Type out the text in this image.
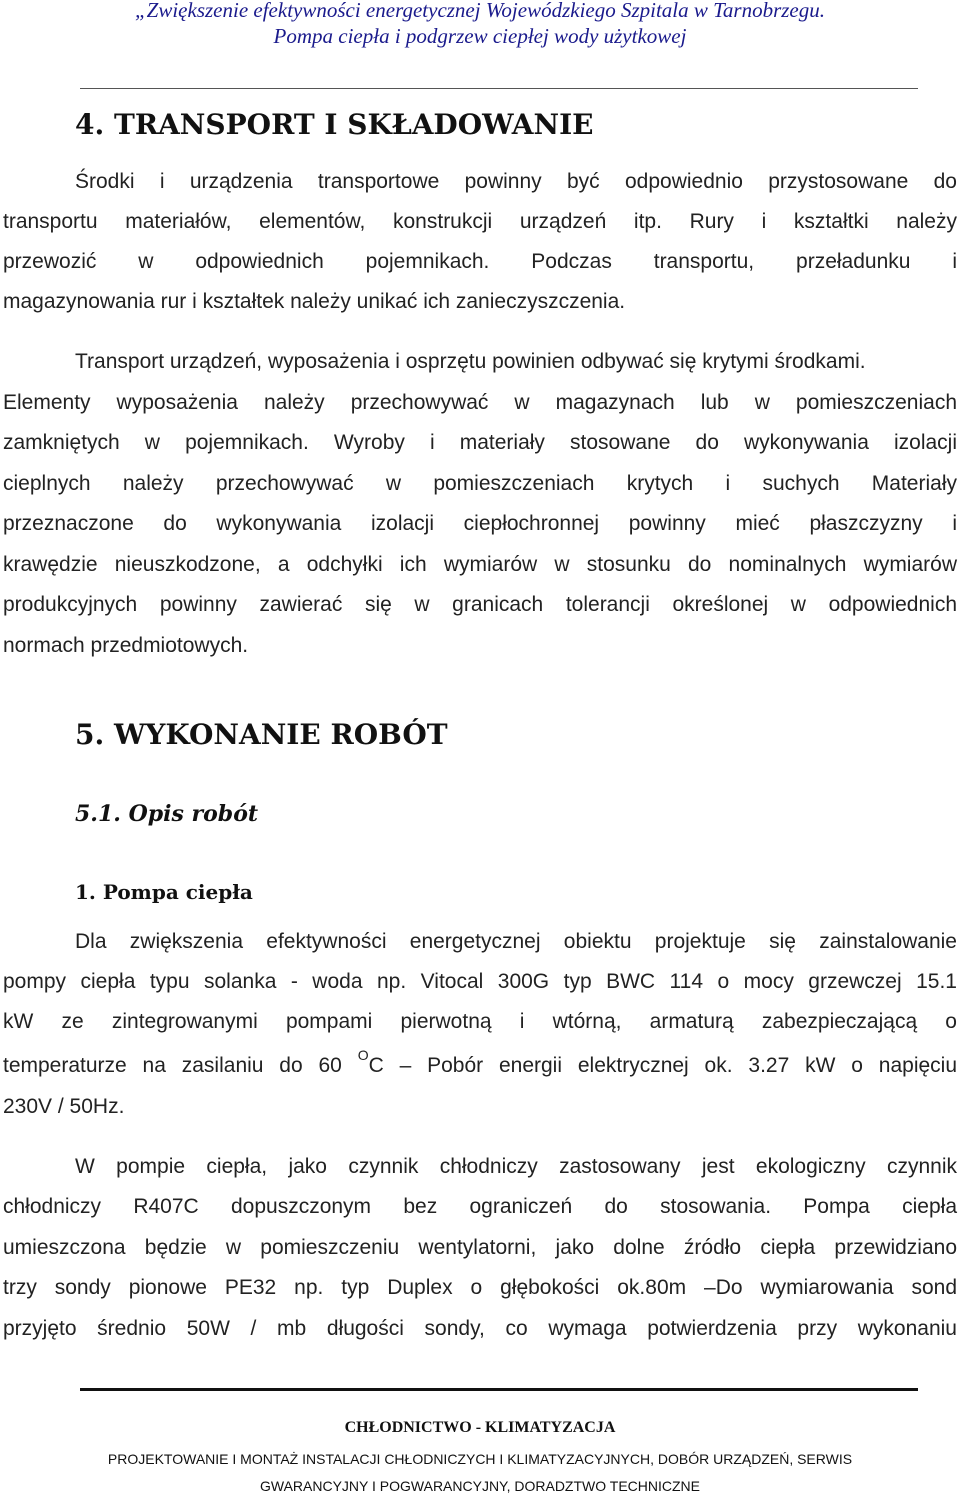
„Zwiększenie efektywności energetycznej Wojewódzkiego Szpitala w Tarnobrzegu.
Pompa ciepła i podgrzew ciepłej wody użytkowej
4. TRANSPORT I SKŁADOWANIE
Środki i urządzenia transportowe powinny być odpowiednio przystosowane do
transportu materiałów, elementów, konstrukcji urządzeń itp. Rury i kształtki należy
przewozić w odpowiednich pojemnikach. Podczas transportu, przeładunku i
magazynowania rur i kształtek należy unikać ich zanieczyszczenia.
Transport urządzeń, wyposażenia i osprzętu powinien odbywać się krytymi środkami.
Elementy wyposażenia należy przechowywać w magazynach lub w pomieszczeniach
zamkniętych w pojemnikach. Wyroby i materiały stosowane do wykonywania izolacji
cieplnych należy przechowywać w pomieszczeniach krytych i suchych Materiały
przeznaczone do wykonywania izolacji ciepłochronnej powinny mieć płaszczyzny i
krawędzie nieuszkodzone, a odchyłki ich wymiarów w stosunku do nominalnych wymiarów
produkcyjnych powinny zawierać się w granicach tolerancji określonej w odpowiednich
normach przedmiotowych.
5. WYKONANIE ROBÓT
5.1. Opis robót
1. Pompa ciepła
Dla zwiększenia efektywności energetycznej obiektu projektuje się zainstalowanie
pompy ciepła typu solanka - woda np. Vitocal 300G typ BWC 114 o mocy grzewczej 15.1
kW ze zintegrowanymi pompami pierwotną i wtórną, armaturą zabezpieczającą o
temperaturze na zasilaniu do 60 $^O$C – Pobór energii elektrycznej ok. 3.27 kW o napięciu
230V / 50Hz.
W pompie ciepła, jako czynnik chłodniczy zastosowany jest ekologiczny czynnik
chłodniczy R407C dopuszczonym bez ograniczeń do stosowania. Pompa ciepła
umieszczona będzie w pomieszczeniu wentylatorni, jako dolne źródło ciepła przewidziano
trzy sondy pionowe PE32 np. typ Duplex o głębokości ok.80m –Do wymiarowania sond
przyjęto średnio 50W / mb długości sondy, co wymaga potwierdzenia przy wykonaniu
CHŁODNICTWO - KLIMATYZACJA
PROJEKTOWANIE I MONTAŻ INSTALACJI CHŁODNICZYCH I KLIMATYZACYJNYCH, DOBÓR URZĄDZEŃ, SERWIS
GWARANCYJNY I POGWARANCYJNY, DORADZTWO TECHNICZNE
